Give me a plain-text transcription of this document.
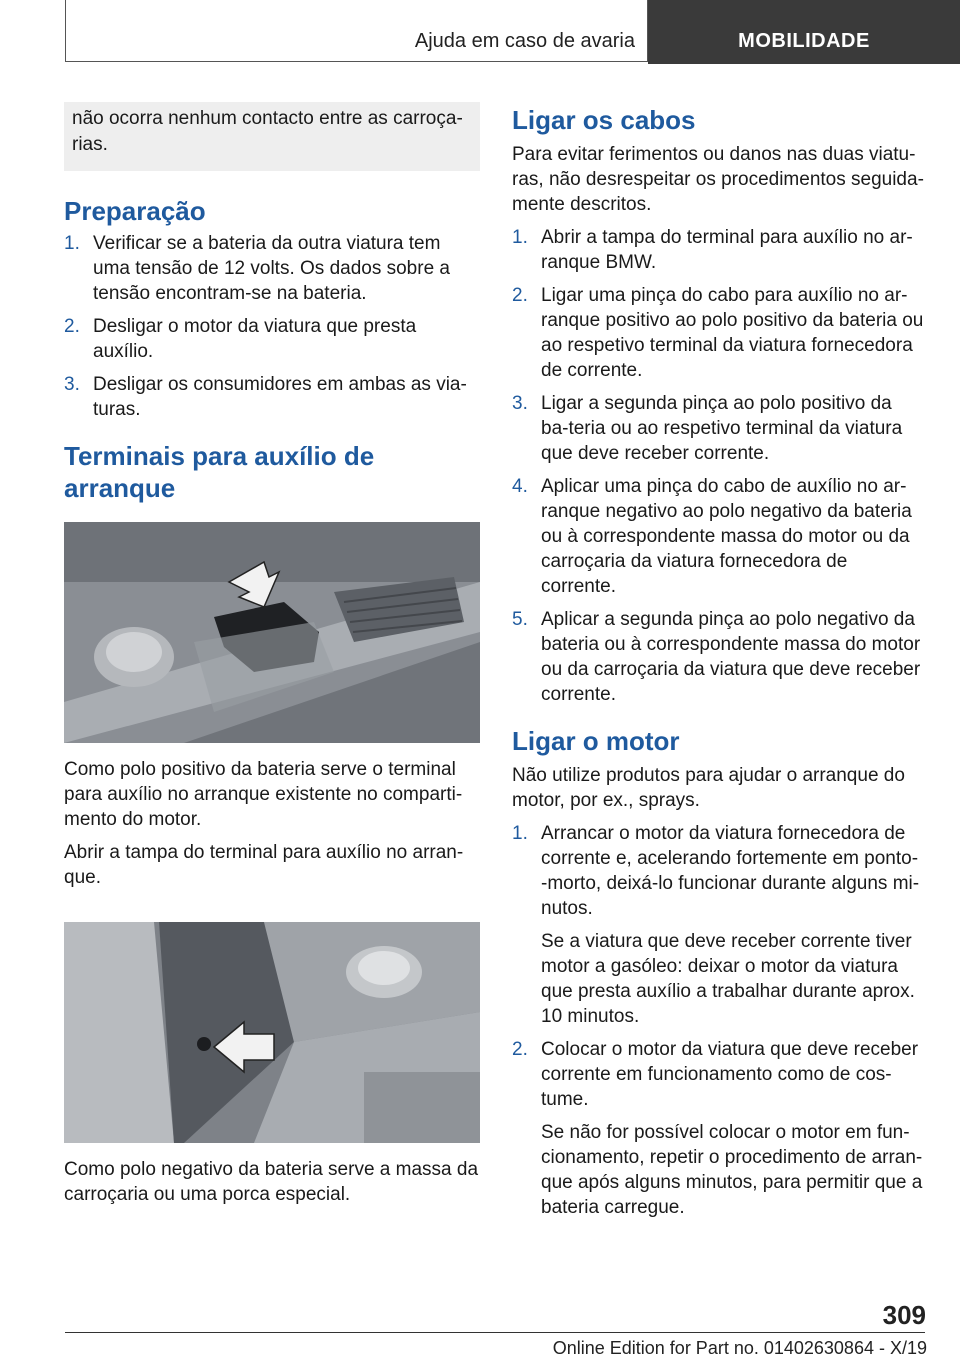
Ajuda em caso de avaria	MOBILIDADE

não ocorra nenhum contacto entre as carroça-rias.

Preparação
1. Verificar se a bateria da outra viatura tem uma tensão de 12 volts. Os dados sobre a tensão encontram-se na bateria.
2. Desligar o motor da viatura que presta auxílio.
3. Desligar os consumidores em ambas as via-turas.
Terminais para auxílio de arranque

Como polo positivo da bateria serve o terminal para auxílio no arranque existente no comparti-mento do motor.

Abrir a tampa do terminal para auxílio no arran-que.

Como polo negativo da bateria serve a massa da carroçaria ou uma porca especial.

Ligar os cabos

Para evitar ferimentos ou danos nas duas viatu-ras, não desrespeitar os procedimentos seguida-mente descritos.

1. Abrir a tampa do terminal para auxílio no ar-ranque BMW.
2. Ligar uma pinça do cabo para auxílio no ar-ranque positivo ao polo positivo da bateria ou ao respetivo terminal da viatura fornecedora de corrente.
3. Ligar a segunda pinça ao polo positivo da ba-teria ou ao respetivo terminal da viatura que deve receber corrente.
4. Aplicar uma pinça do cabo de auxílio no ar-ranque negativo ao polo negativo da bateria ou à correspondente massa do motor ou da carroçaria da viatura fornecedora de corrente.
5. Aplicar a segunda pinça ao polo negativo da bateria ou à correspondente massa do motor ou da carroçaria da viatura que deve receber corrente.
Ligar o motor

Não utilize produtos para ajudar o arranque do motor, por ex., sprays.

1. Arrancar o motor da viatura fornecedora de corrente e, acelerando fortemente em ponto--morto, deixá-lo funcionar durante alguns mi-nutos.
Se a viatura que deve receber corrente tiver motor a gasóleo: deixar o motor da viatura que presta auxílio a trabalhar durante aprox. 10 minutos.
2. Colocar o motor da viatura que deve receber corrente em funcionamento como de cos-tume.
Se não for possível colocar o motor em fun-cionamento, repetir o procedimento de arran-que após alguns minutos, para permitir que a bateria carregue.
309
Online Edition for Part no. 01402630864 - X/19
